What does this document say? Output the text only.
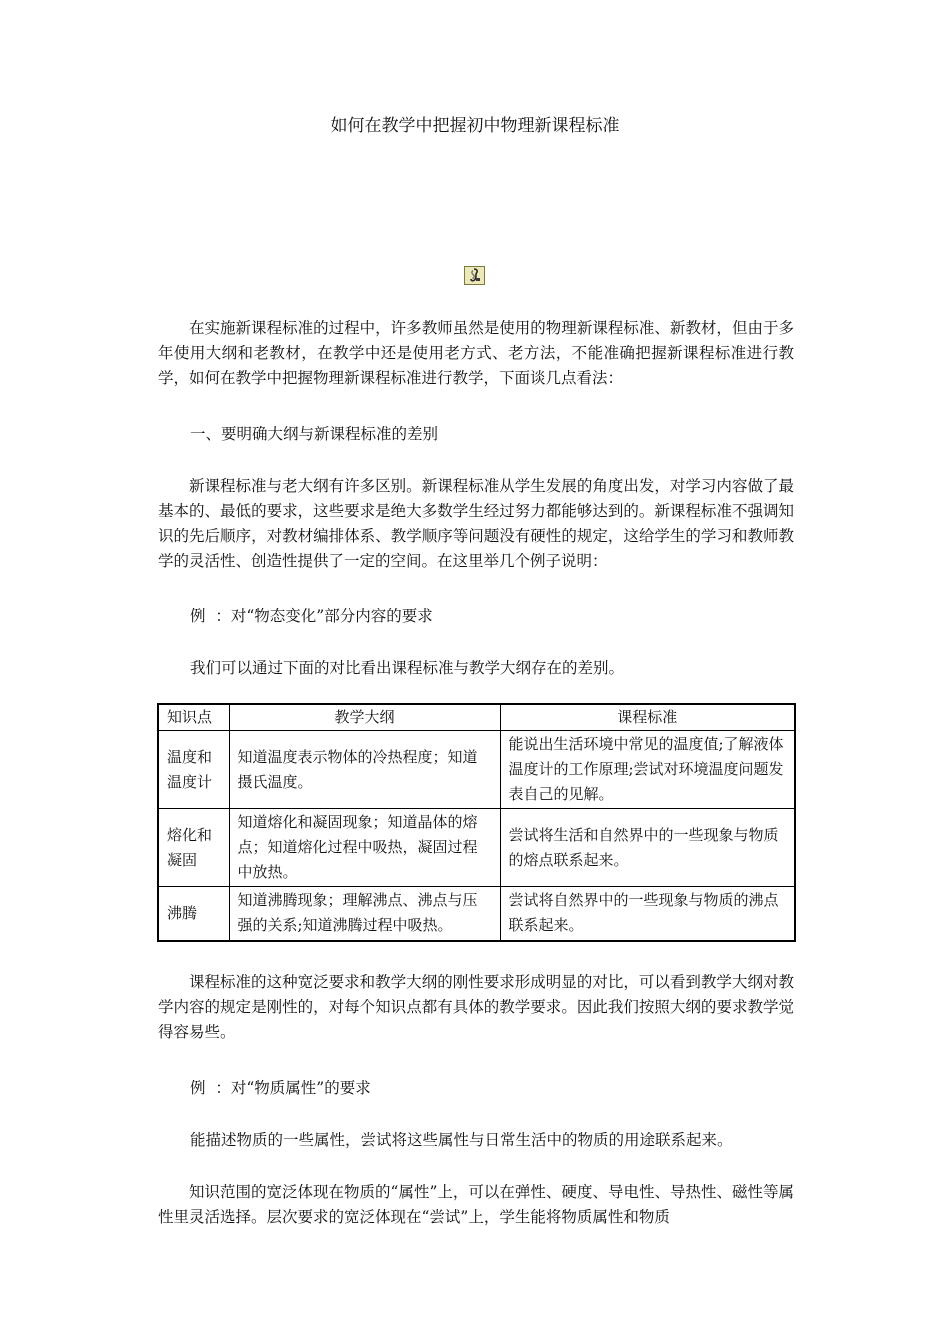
如何在教学中把握初中物理新课程标准

在实施新课程标准的过程中，许多教师虽然是使用的物理新课程标准、新教材，但由于多年使用大纲和老教材，在教学中还是使用老方式、老方法，不能准确把握新课程标准进行教学，如何在教学中把握物理新课程标准进行教学，下面谈几点看法：

一、要明确大纲与新课程标准的差别

新课程标准与老大纲有许多区别。新课程标准从学生发展的角度出发，对学习内容做了最基本的、最低的要求，这些要求是绝大多数学生经过努力都能够达到的。新课程标准不强调知识的先后顺序，对教材编排体系、教学顺序等问题没有硬性的规定，这给学生的学习和教师教学的灵活性、创造性提供了一定的空间。在这里举几个例子说明：

例  ：对“物态变化”部分内容的要求

我们可以通过下面的对比看出课程标准与教学大纲存在的差别。

知识点	教学大纲	课程标准
温度和温度计	知道温度表示物体的冷热程度；知道摄氏温度。	能说出生活环境中常见的温度值;了解液体温度计的工作原理;尝试对环境温度问题发表自己的见解。
熔化和凝固	知道熔化和凝固现象；知道晶体的熔点；知道熔化过程中吸热，凝固过程中放热。	尝试将生活和自然界中的一些现象与物质的熔点联系起来。
沸腾	知道沸腾现象；理解沸点、沸点与压强的关系;知道沸腾过程中吸热。	尝试将自然界中的一些现象与物质的沸点联系起来。

课程标准的这种宽泛要求和教学大纲的刚性要求形成明显的对比，可以看到教学大纲对教学内容的规定是刚性的，对每个知识点都有具体的教学要求。因此我们按照大纲的要求教学觉得容易些。

例  ：对“物质属性”的要求

能描述物质的一些属性，尝试将这些属性与日常生活中的物质的用途联系起来。

知识范围的宽泛体现在物质的“属性”上，可以在弹性、硬度、导电性、导热性、磁性等属性里灵活选择。层次要求的宽泛体现在“尝试”上，学生能将物质属性和物质
